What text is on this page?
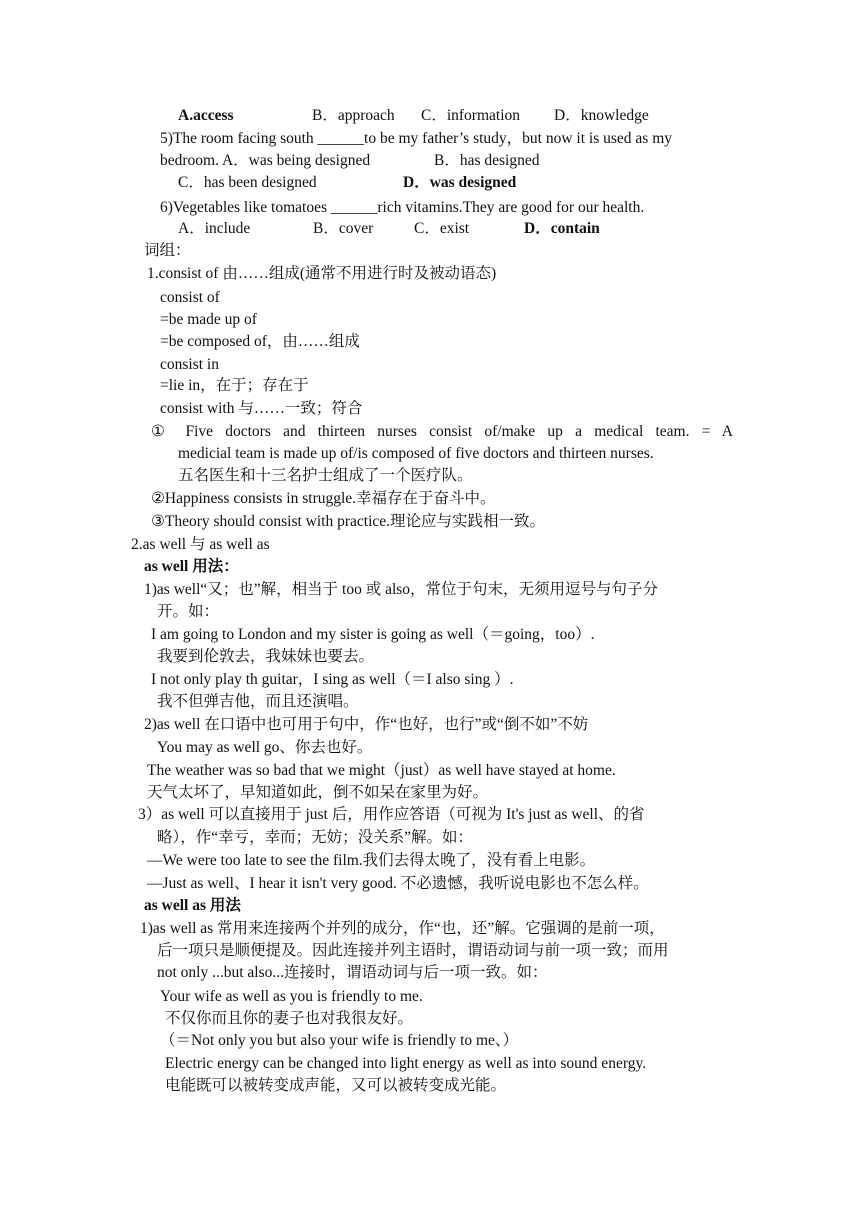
A.access	B．approach C．information D．knowledge
5)The room facing south ______to be my father’s study，but now it is used as my
bedroom. A．was being designed	B．has designed
C．has been designed	D．was designed
6)Vegetables like tomatoes ______rich vitamins.They are good for our health.
A．include	B．cover	C．exist	D．contain
词组：
1.consist of 由……组成(通常不用进行时及被动语态)
consist of
=be made up of
=be composed of，由……组成
consist in
=lie in，在于；存在于
consist with 与……一致；符合
① Five doctors and thirteen nurses consist of/make up a medical team. = A
medicial team is made up of/is composed of five doctors and thirteen nurses.
五名医生和十三名护士组成了一个医疗队。
②Happiness consists in struggle.幸福存在于奋斗中。
③Theory should consist with practice.理论应与实践相一致。
2.as well 与 as well as
as well 用法：
1)as well“又；也”解，相当于 too 或 also，常位于句末，无须用逗号与句子分
开。如：
I am going to London and my sister is going as well（＝going，too）.
我要到伦敦去，我妹妹也要去。
I not only play th guitar，I sing as well（＝I also sing ）.
我不但弹吉他，而且还演唱。
2)as well 在口语中也可用于句中，作“也好，也行”或“倒不如”不妨
You may as well go、你去也好。
The weather was so bad that we might（just）as well have stayed at home.
天气太坏了，早知道如此，倒不如呆在家里为好。
3）as well 可以直接用于 just 后，用作应答语（可视为 It's just as well、的省
略），作“幸亏，幸而；无妨；没关系”解。如：
—We were too late to see the film.我们去得太晚了，没有看上电影。
—Just as well、I hear it isn't very good. 不必遗憾，我听说电影也不怎么样。
as well as 用法
1)as well as 常用来连接两个并列的成分，作“也，还”解。它强调的是前一项，
后一项只是顺便提及。因此连接并列主语时，谓语动词与前一项一致；而用
not only ...but also...连接时，谓语动词与后一项一致。如：
Your wife as well as you is friendly to me.
不仅你而且你的妻子也对我很友好。
（＝Not only you but also your wife is friendly to me、）
Electric energy can be changed into light energy as well as into sound energy.
电能既可以被转变成声能，又可以被转变成光能。
